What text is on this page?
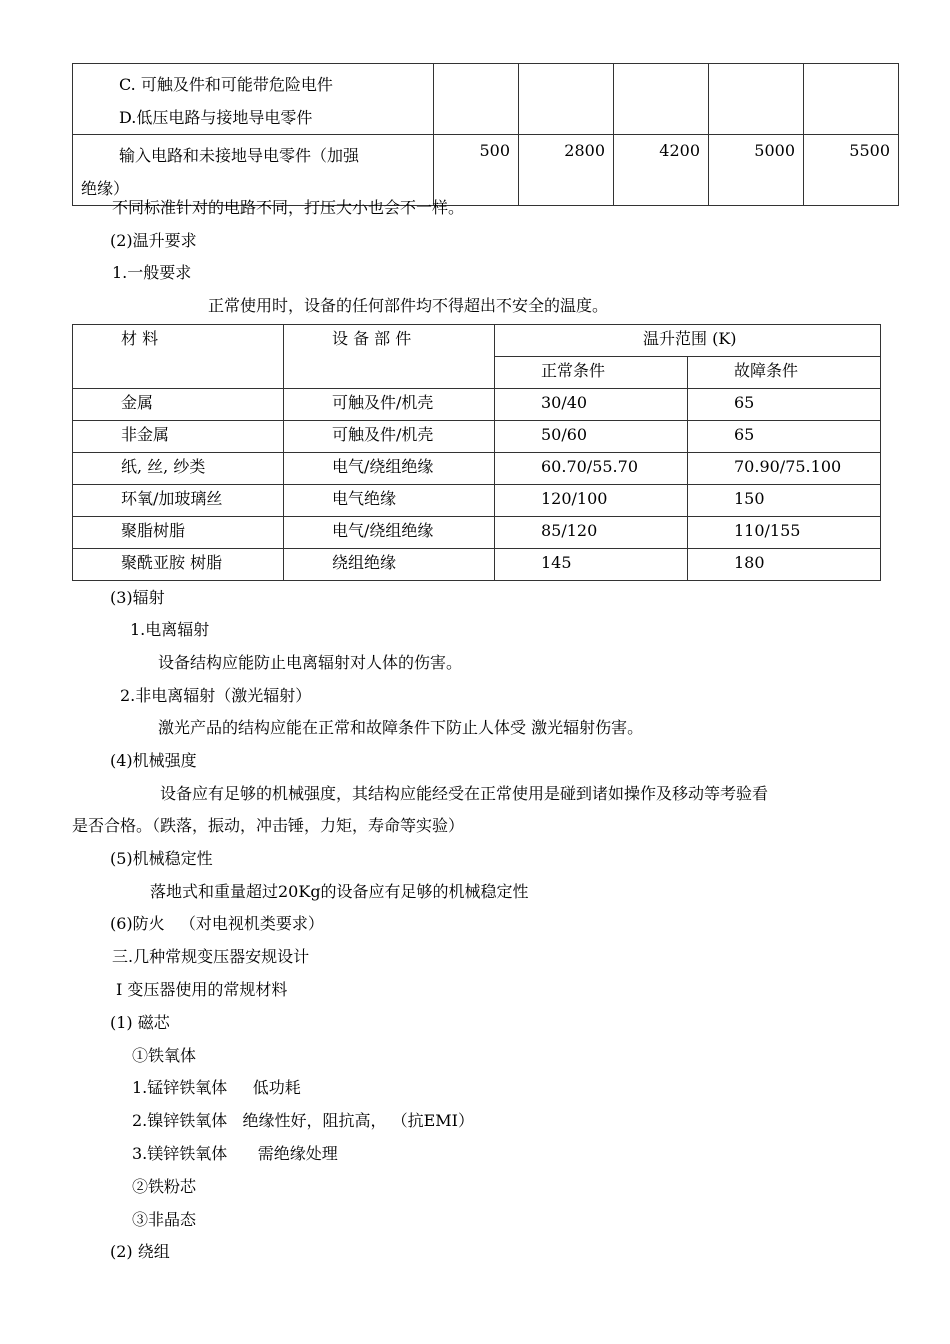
C. 可触及件和可能带危险电件
D.低压电路与接地导电零件					
输入电路和未接地导电零件（加强
绝缘）	500	2800	4200	5000	5500
不同标准针对的电路不同，打压大小也会不一样。
(2)温升要求
1.一般要求
正常使用时，设备的任何部件均不得超出不安全的温度。
材 料	设 备 部 件	温升范围 (K)	
		正常条件	故障条件
金属	可触及件/机壳	30/40	65
非金属	可触及件/机壳	50/60	65
纸, 丝, 纱类	电气/绕组绝缘	60.70/55.70	70.90/75.100
环氧/加玻璃丝	电气绝缘	120/100	150
聚脂树脂	电气/绕组绝缘	85/120	110/155
聚酰亚胺 树脂	绕组绝缘	145	180
(3)辐射
1.电离辐射
设备结构应能防止电离辐射对人体的伤害。
2.非电离辐射（激光辐射）
激光产品的结构应能在正常和故障条件下防止人体受 激光辐射伤害。
(4)机械强度
设备应有足够的机械强度，其结构应能经受在正常使用是碰到诸如操作及移动等考验看
是否合格。（跌落，振动，冲击锤，力矩，寿命等实验）
(5)机械稳定性
落地式和重量超过20Kg的设备应有足够的机械稳定性
(6)防火   （对电视机类要求）
三.几种常规变压器安规设计
Ⅰ 变压器使用的常规材料
(1) 磁芯
①铁氧体
1.锰锌铁氧体     低功耗
2.镍锌铁氧体   绝缘性好，阻抗高， （抗EMI）
3.镁锌铁氧体      需绝缘处理
②铁粉芯
③非晶态
(2) 绕组
